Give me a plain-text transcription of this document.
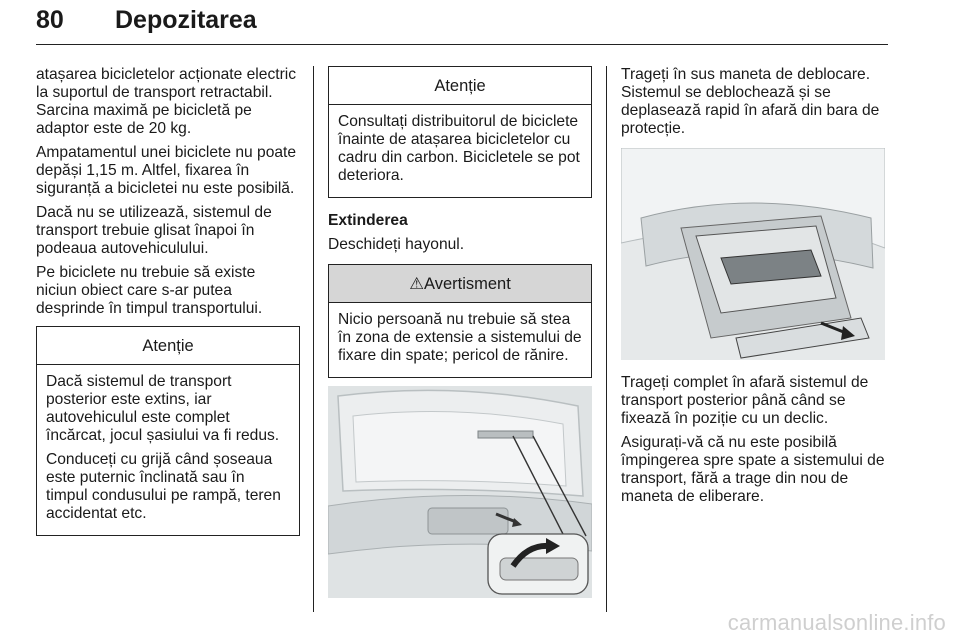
80 Depozitarea

atașarea bicicletelor acționate electric la suportul de transport retractabil. Sarcina maximă pe bicicletă pe adaptor este de 20 kg.

Ampatamentul unei biciclete nu poate depăși 1,15 m. Altfel, fixarea în siguranță a bicicletei nu este posibilă.

Dacă nu se utilizează, sistemul de transport trebuie glisat înapoi în podeaua autovehiculului.

Pe biciclete nu trebuie să existe niciun obiect care s-ar putea desprinde în timpul transportului.

Atenție

Dacă sistemul de transport posterior este extins, iar autovehiculul este complet încărcat, jocul șasiului va fi redus.

Conduceți cu grijă când șoseaua este puternic înclinată sau în timpul condusului pe rampă, teren accidentat etc.

Atenție

Consultați distribuitorul de biciclete înainte de atașarea bicicletelor cu cadru din carbon. Bicicletele se pot deteriora.

Extinderea

Deschideți hayonul.

⚠Avertisment

Nicio persoană nu trebuie să stea în zona de extensie a sistemului de fixare din spate; pericol de rănire.

Trageți în sus maneta de deblocare. Sistemul se deblochează și se deplasează rapid în afară din bara de protecție.

Trageți complet în afară sistemul de transport posterior până când se fixează în poziție cu un declic.

Asigurați-vă că nu este posibilă împingerea spre spate a sistemului de transport, fără a trage din nou de maneta de eliberare.

carmanualsonline.info
